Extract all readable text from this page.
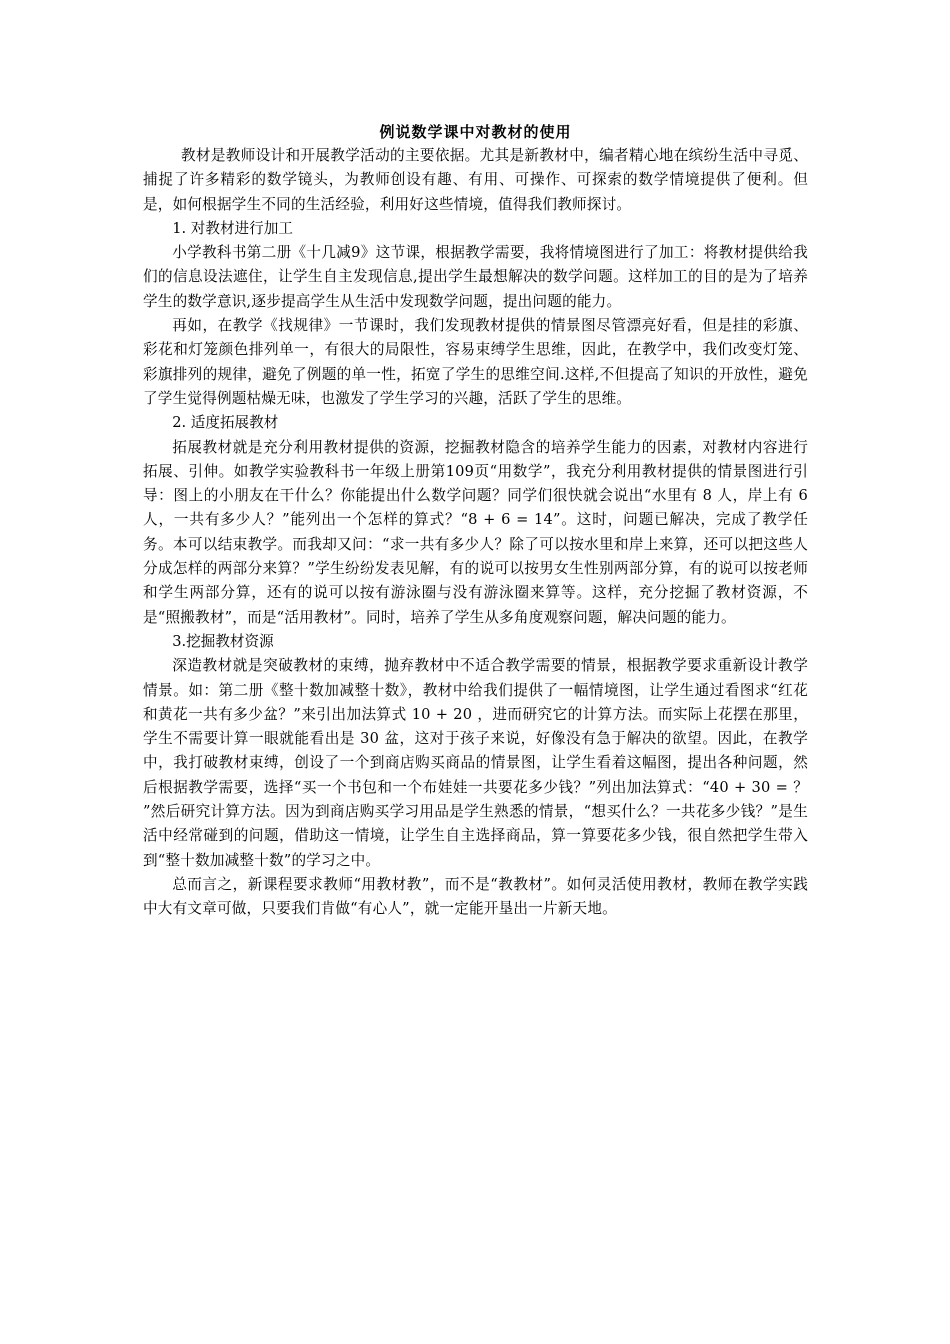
例说数学课中对教材的使用

教材是教师设计和开展教学活动的主要依据。尤其是新教材中，编者精心地在缤纷生活中寻觅、捕捉了许多精彩的数学镜头，为教师创设有趣、有用、可操作、可探索的数学情境提供了便利。但是，如何根据学生不同的生活经验，利用好这些情境，值得我们教师探讨。

1. 对教材进行加工

小学教科书第二册《十几减9》这节课，根据教学需要，我将情境图进行了加工：将教材提供给我们的信息设法遮住，让学生自主发现信息,提出学生最想解决的数学问题。这样加工的目的是为了培养学生的数学意识,逐步提高学生从生活中发现数学问题，提出问题的能力。

再如，在教学《找规律》一节课时，我们发现教材提供的情景图尽管漂亮好看，但是挂的彩旗、彩花和灯笼颜色排列单一，有很大的局限性，容易束缚学生思维，因此，在教学中，我们改变灯笼、彩旗排列的规律，避免了例题的单一性，拓宽了学生的思维空间.这样,不但提高了知识的开放性，避免了学生觉得例题枯燥无味，也激发了学生学习的兴趣，活跃了学生的思维。

2. 适度拓展教材

拓展教材就是充分利用教材提供的资源，挖掘教材隐含的培养学生能力的因素，对教材内容进行拓展、引伸。如教学实验教科书一年级上册第109页“用数学”，我充分利用教材提供的情景图进行引导：图上的小朋友在干什么？你能提出什么数学问题？同学们很快就会说出“水里有 8 人，岸上有 6 人，一共有多少人？”能列出一个怎样的算式？“8 + 6 = 14”。这时，问题已解决，完成了教学任务。本可以结束教学。而我却又问：“求一共有多少人？除了可以按水里和岸上来算，还可以把这些人分成怎样的两部分来算？”学生纷纷发表见解，有的说可以按男女生性别两部分算，有的说可以按老师和学生两部分算，还有的说可以按有游泳圈与没有游泳圈来算等。这样，充分挖掘了教材资源，不是“照搬教材”，而是“活用教材”。同时，培养了学生从多角度观察问题，解决问题的能力。

3.挖掘教材资源

深造教材就是突破教材的束缚，抛弃教材中不适合教学需要的情景，根据教学要求重新设计教学情景。如：第二册《整十数加减整十数》，教材中给我们提供了一幅情境图，让学生通过看图求“红花和黄花一共有多少盆？”来引出加法算式 10 + 20 ，进而研究它的计算方法。而实际上花摆在那里，学生不需要计算一眼就能看出是 30 盆，这对于孩子来说，好像没有急于解决的欲望。因此，在教学中，我打破教材束缚，创设了一个到商店购买商品的情景图，让学生看着这幅图，提出各种问题，然后根据教学需要，选择“买一个书包和一个布娃娃一共要花多少钱？”列出加法算式：“40 + 30 = ？ ”然后研究计算方法。因为到商店购买学习用品是学生熟悉的情景，“想买什么？一共花多少钱？”是生活中经常碰到的问题，借助这一情境，让学生自主选择商品，算一算要花多少钱，很自然把学生带入到“整十数加减整十数”的学习之中。

总而言之，新课程要求教师“用教材教”，而不是“教教材”。如何灵活使用教材，教师在教学实践中大有文章可做，只要我们肯做“有心人”，就一定能开垦出一片新天地。
